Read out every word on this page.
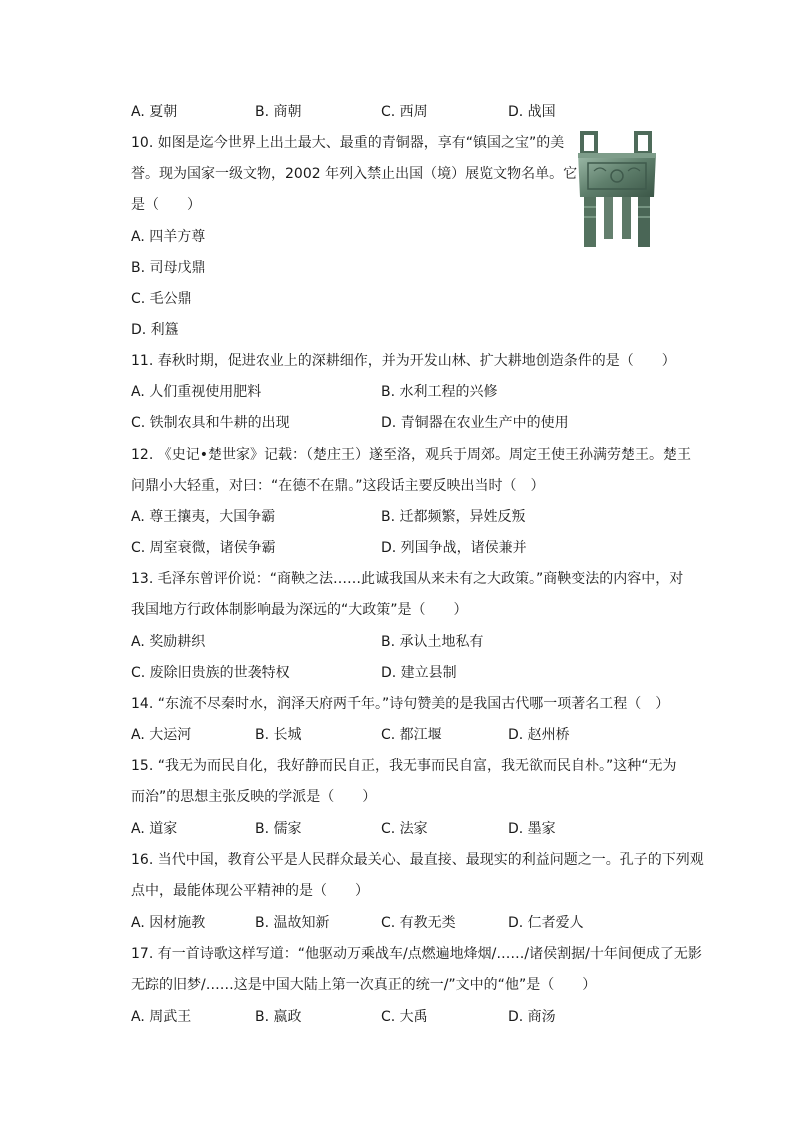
A. 夏朝	B. 商朝	C. 西周	D. 战国
10. 如图是迄今世界上出土最大、最重的青铜器，享有“镇国之宝”的美
誉。现为国家一级文物，2002 年列入禁止出国（境）展览文物名单。它
是（　　）
A. 四羊方尊
B. 司母戊鼎
C. 毛公鼎
D. 利簋
11. 春秋时期，促进农业上的深耕细作，并为开发山林、扩大耕地创造条件的是（　　）
A. 人们重视使用肥料	B. 水利工程的兴修
C. 铁制农具和牛耕的出现	D. 青铜器在农业生产中的使用
12. 《史记•楚世家》记载：（楚庄王）遂至洛，观兵于周郊。周定王使王孙满劳楚王。楚王
问鼎小大轻重，对曰：“在德不在鼎。”这段话主要反映出当时（　）
A. 尊王攘夷，大国争霸	B. 迁都频繁，异姓反叛
C. 周室衰微，诸侯争霸	D. 列国争战，诸侯兼并
13. 毛泽东曾评价说：“商鞅之法……此诚我国从来未有之大政策。”商鞅变法的内容中，对
我国地方行政体制影响最为深远的“大政策”是（　　）
A. 奖励耕织	B. 承认土地私有
C. 废除旧贵族的世袭特权	D. 建立县制
14. “东流不尽秦时水，润泽天府两千年。”诗句赞美的是我国古代哪一项著名工程（　）
A. 大运河	B. 长城	C. 都江堰	D. 赵州桥
15. “我无为而民自化，我好静而民自正，我无事而民自富，我无欲而民自朴。”这种“无为
而治”的思想主张反映的学派是（　　）
A. 道家	B. 儒家	C. 法家	D. 墨家
16. 当代中国，教育公平是人民群众最关心、最直接、最现实的利益问题之一。孔子的下列观
点中，最能体现公平精神的是（　　）
A. 因材施教	B. 温故知新	C. 有教无类	D. 仁者爱人
17. 有一首诗歌这样写道：“他驱动万乘战车/点燃遍地烽烟/……/诸侯割据/十年间便成了无影
无踪的旧梦/……这是中国大陆上第一次真正的统一/”文中的“他”是（　　）
A. 周武王	B. 嬴政	C. 大禹	D. 商汤
